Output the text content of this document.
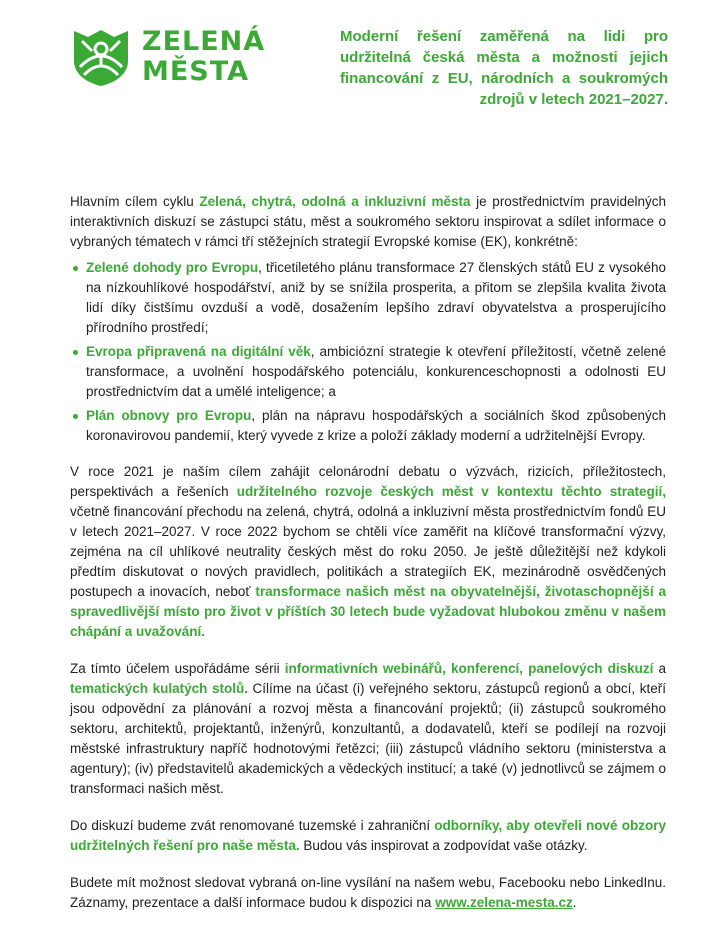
ZELENÁ
MĚSTA
Moderní řešení zaměřená na lidi pro udržitelná česká města a možnosti jejich financování z EU, národních a soukromých zdrojů v letech 2021–2027.

Hlavním cílem cyklu Zelená, chytrá, odolná a inkluzivní města je prostřednictvím pravidelných interaktivních diskuzí se zástupci státu, měst a soukromého sektoru inspirovat a sdílet informace o vybraných tématech v rámci tří stěžejních strategií Evropské komise (EK), konkrétně:

Zelené dohody pro Evropu, třicetiletého plánu transformace 27 členských států EU z vysokého na nízkouhlíkové hospodářství, aniž by se snížila prosperita, a přitom se zlepšila kvalita života lidí díky čistšímu ovzduší a vodě, dosažením lepšího zdraví obyvatelstva a prosperujícího přírodního prostředí;
Evropa připravená na digitální věk, ambiciózní strategie k otevření příležitostí, včetně zelené transformace, a uvolnění hospodářského potenciálu, konkurenceschopnosti a odolnosti EU prostřednictvím dat a umělé inteligence; a
Plán obnovy pro Evropu, plán na nápravu hospodářských a sociálních škod způsobených koronavirovou pandemií, který vyvede z krize a položí základy moderní a udržitelnější Evropy.

V roce 2021 je naším cílem zahájit celonárodní debatu o výzvách, rizicích, příležitostech, perspektivách a řešeních udržitelného rozvoje českých měst v kontextu těchto strategií, včetně financování přechodu na zelená, chytrá, odolná a inkluzivní města prostřednictvím fondů EU v letech 2021–2027. V roce 2022 bychom se chtěli více zaměřit na klíčové transformační výzvy, zejména na cíl uhlíkové neutrality českých měst do roku 2050. Je ještě důležitější než kdykoli předtím diskutovat o nových pravidlech, politikách a strategiích EK, mezinárodně osvědčených postupech a inovacích, neboť transformace našich měst na obyvatelnější, životaschopnější a spravedlivější místo pro život v příštích 30 letech bude vyžadovat hlubokou změnu v našem chápání a uvažování.

Za tímto účelem uspořádáme sérii informativních webinářů, konferencí, panelových diskuzí a tematických kulatých stolů. Cílíme na účast (i) veřejného sektoru, zástupců regionů a obcí, kteří jsou odpovědní za plánování a rozvoj města a financování projektů; (ii) zástupců soukromého sektoru, architektů, projektantů, inženýrů, konzultantů, a dodavatelů, kteří se podílejí na rozvoji městské infrastruktury napříč hodnotovými řetězci; (iii) zástupců vládního sektoru (ministerstva a agentury); (iv) představitelů akademických a vědeckých institucí; a také (v) jednotlivců se zájmem o transformaci našich měst.

Do diskuzí budeme zvát renomované tuzemské i zahraniční odborníky, aby otevřeli nové obzory udržitelných řešení pro naše města. Budou vás inspirovat a zodpovídat vaše otázky.

Budete mít možnost sledovat vybraná on-line vysílání na našem webu, Facebooku nebo LinkedInu. Záznamy, prezentace a další informace budou k dispozici na www.zelena-mesta.cz.
